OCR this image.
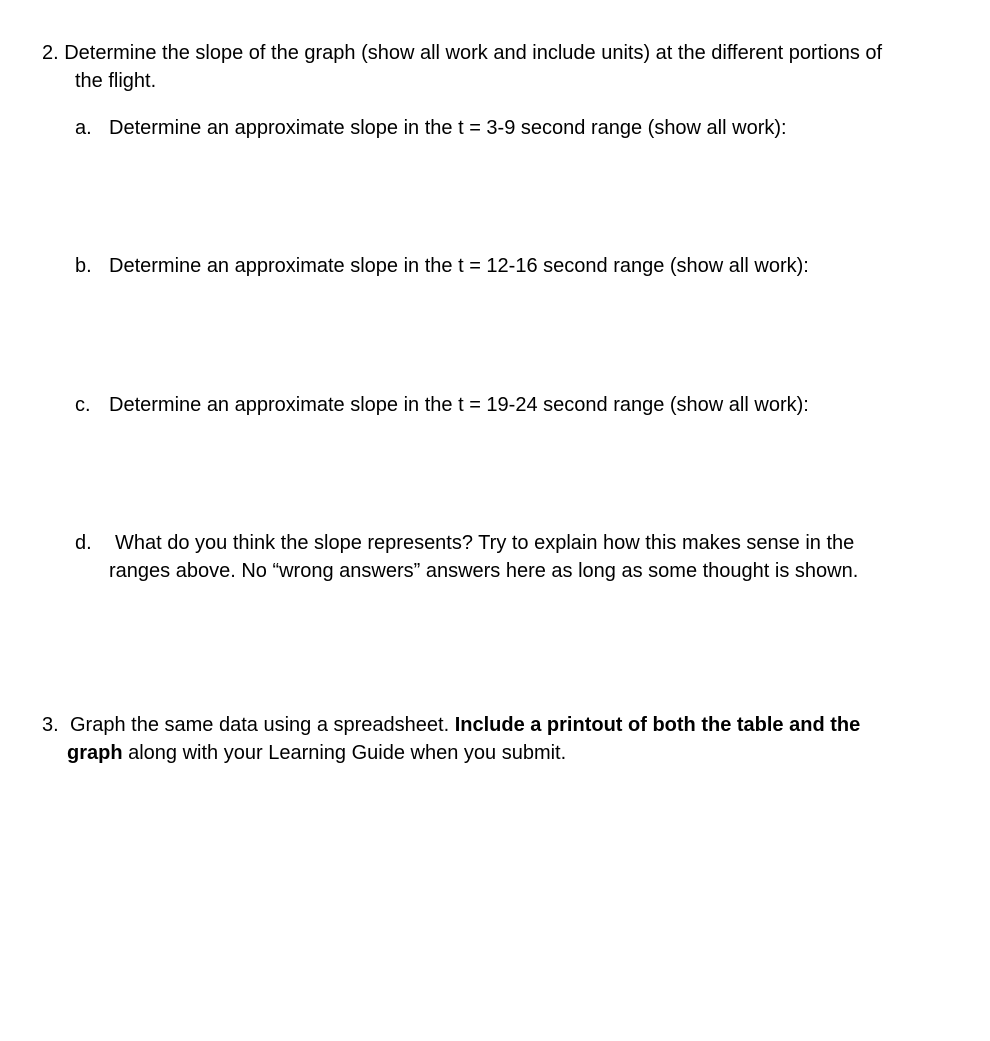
2. Determine the slope of the graph (show all work and include units) at the different portions of
the flight.
a. Determine an approximate slope in the t = 3-9 second range (show all work):
b. Determine an approximate slope in the t = 12-16 second range (show all work):
c. Determine an approximate slope in the t = 19-24 second range (show all work):
d. What do you think the slope represents? Try to explain how this makes sense in the
ranges above. No “wrong answers” answers here as long as some thought is shown.
3. Graph the same data using a spreadsheet. Include a printout of both the table and the
graph along with your Learning Guide when you submit.
